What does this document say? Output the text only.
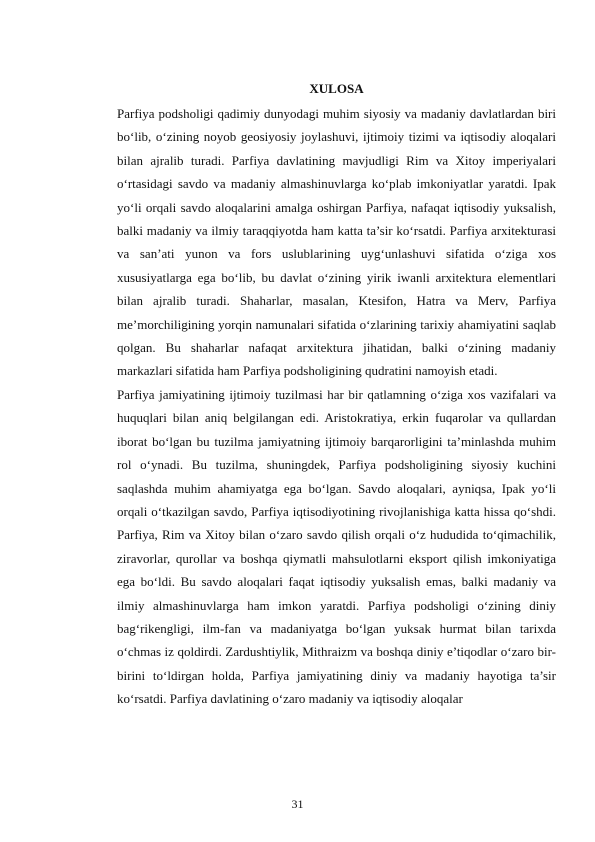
XULOSA

Parfiya podsholigi qadimiy dunyodagi muhim siyosiy va madaniy davlatlardan biri bo‘lib, o‘zining noyob geosiyosiy joylashuvi, ijtimoiy tizimi va iqtisodiy aloqalari bilan ajralib turadi. Parfiya davlatining mavjudligi Rim va Xitoy imperiyalari o‘rtasidagi savdo va madaniy almashinuvlarga ko‘plab imkoniyatlar yaratdi. Ipak yo‘li orqali savdo aloqalarini amalga oshirgan Parfiya, nafaqat iqtisodiy yuksalish, balki madaniy va ilmiy taraqqiyotda ham katta ta’sir ko‘rsatdi. Parfiya arxitekturasi va san’ati yunon va fors uslublarining uyg‘unlashuvi sifatida o‘ziga xos xususiyatlarga ega bo‘lib, bu davlat o‘zining yirik iwanli arxitektura elementlari bilan ajralib turadi. Shaharlar, masalan, Ktesifon, Hatra va Merv, Parfiya me’morchiligining yorqin namunalari sifatida o‘zlarining tarixiy ahamiyatini saqlab qolgan. Bu shaharlar nafaqat arxitektura jihatidan, balki o‘zining madaniy markazlari sifatida ham Parfiya podsholigining qudratini namoyish etadi.

Parfiya jamiyatining ijtimoiy tuzilmasi har bir qatlamning o‘ziga xos vazifalari va huquqlari bilan aniq belgilangan edi. Aristokratiya, erkin fuqarolar va qullardan iborat bo‘lgan bu tuzilma jamiyatning ijtimoiy barqarorligini ta’minlashda muhim rol o‘ynadi. Bu tuzilma, shuningdek, Parfiya podsholigining siyosiy kuchini saqlashda muhim ahamiyatga ega bo‘lgan. Savdo aloqalari, ayniqsa, Ipak yo‘li orqali o‘tkazilgan savdo, Parfiya iqtisodiyotining rivojlanishiga katta hissa qo‘shdi. Parfiya, Rim va Xitoy bilan o‘zaro savdo qilish orqali o‘z hududida to‘qimachilik, ziravorlar, qurollar va boshqa qiymatli mahsulotlarni eksport qilish imkoniyatiga ega bo‘ldi. Bu savdo aloqalari faqat iqtisodiy yuksalish emas, balki madaniy va ilmiy almashinuvlarga ham imkon yaratdi. Parfiya podsholigi o‘zining diniy bag‘rikengligi, ilm-fan va madaniyatga bo‘lgan yuksak hurmat bilan tarixda o‘chmas iz qoldirdi. Zardushtiylik, Mithraizm va boshqa diniy e’tiqodlar o‘zaro bir-birini to‘ldirgan holda, Parfiya jamiyatining diniy va madaniy hayotiga ta’sir ko‘rsatdi. Parfiya davlatining o‘zaro madaniy va iqtisodiy aloqalar

31
